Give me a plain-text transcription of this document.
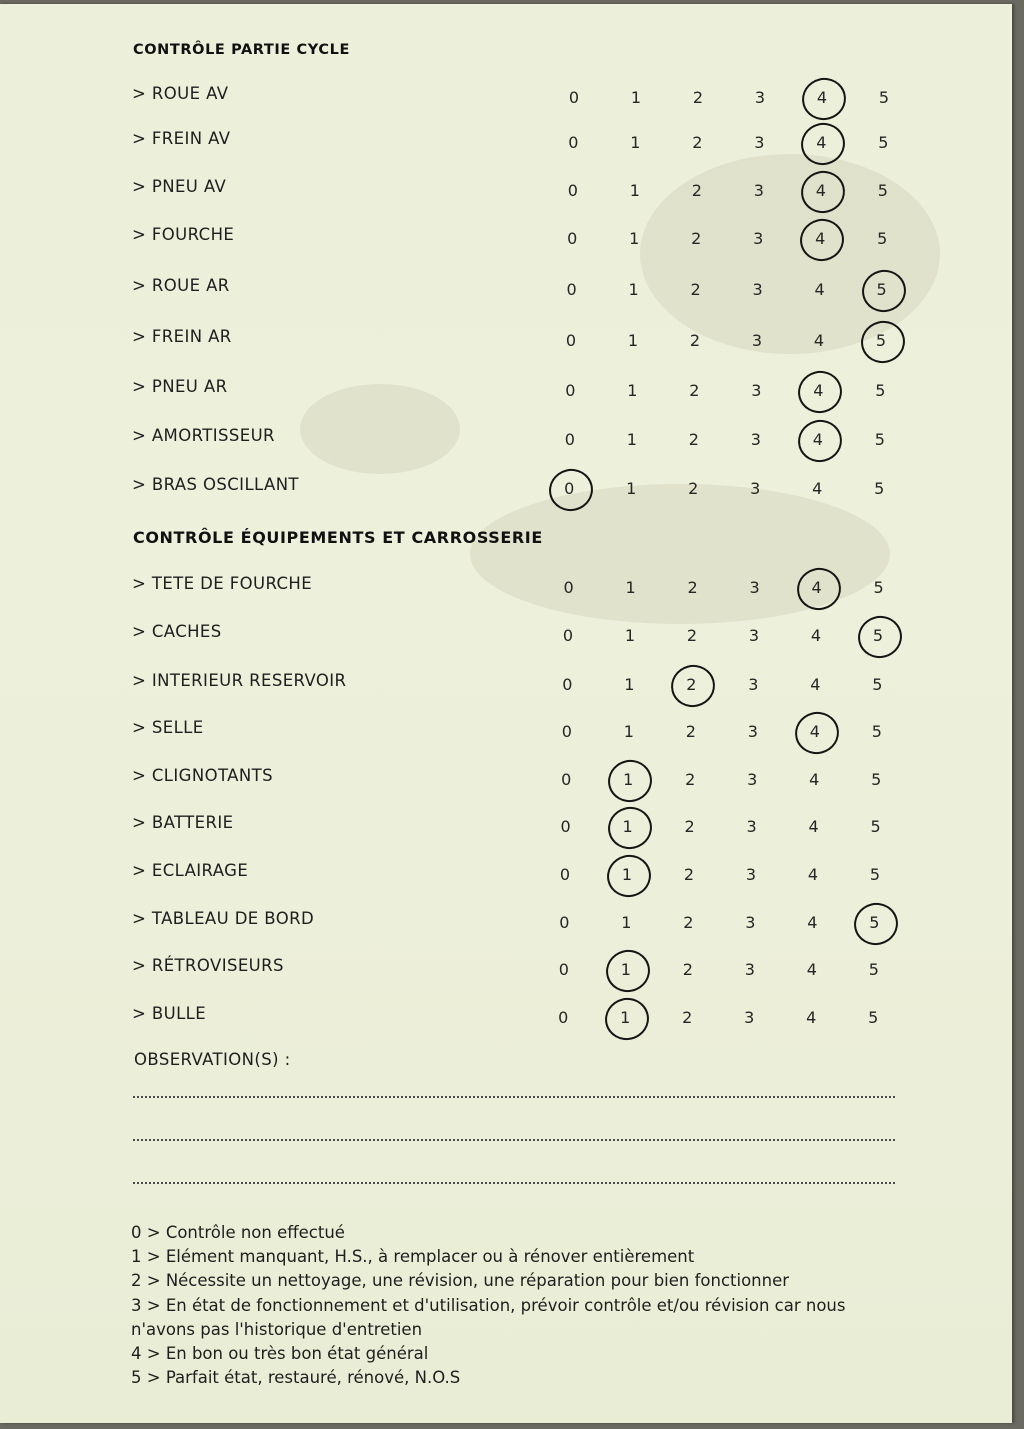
CONTRÔLE PARTIE CYCLE
CONTRÔLE ÉQUIPEMENTS ET CARROSSERIE
> ROUE AV	0	1	2	3	4	5
> FREIN AV	0	1	2	3	4	5
> PNEU AV	0	1	2	3	4	5
> FOURCHE	0	1	2	3	4	5
> ROUE AR	0	1	2	3	4	5
> FREIN AR	0	1	2	3	4	5
> PNEU AR	0	1	2	3	4	5
> AMORTISSEUR	0	1	2	3	4	5
> BRAS OSCILLANT	0	1	2	3	4	5
> TETE DE FOURCHE	0	1	2	3	4	5
> CACHES	0	1	2	3	4	5
> INTERIEUR RESERVOIR	0	1	2	3	4	5
> SELLE	0	1	2	3	4	5
> CLIGNOTANTS	0	1	2	3	4	5
> BATTERIE	0	1	2	3	4	5
> ECLAIRAGE	0	1	2	3	4	5
> TABLEAU DE BORD	0	1	2	3	4	5
> RÉTROVISEURS	0	1	2	3	4	5
> BULLE	0	1	2	3	4	5
OBSERVATION(S) :
0 > Contrôle non effectué
1 > Elément manquant, H.S., à remplacer ou à rénover entièrement
2 > Nécessite un nettoyage, une révision, une réparation pour bien fonctionner
3 > En état de fonctionnement et d'utilisation, prévoir contrôle et/ou révision car nous
n'avons pas l'historique d'entretien
4 > En bon ou très bon état général
5 > Parfait état, restauré, rénové, N.O.S
